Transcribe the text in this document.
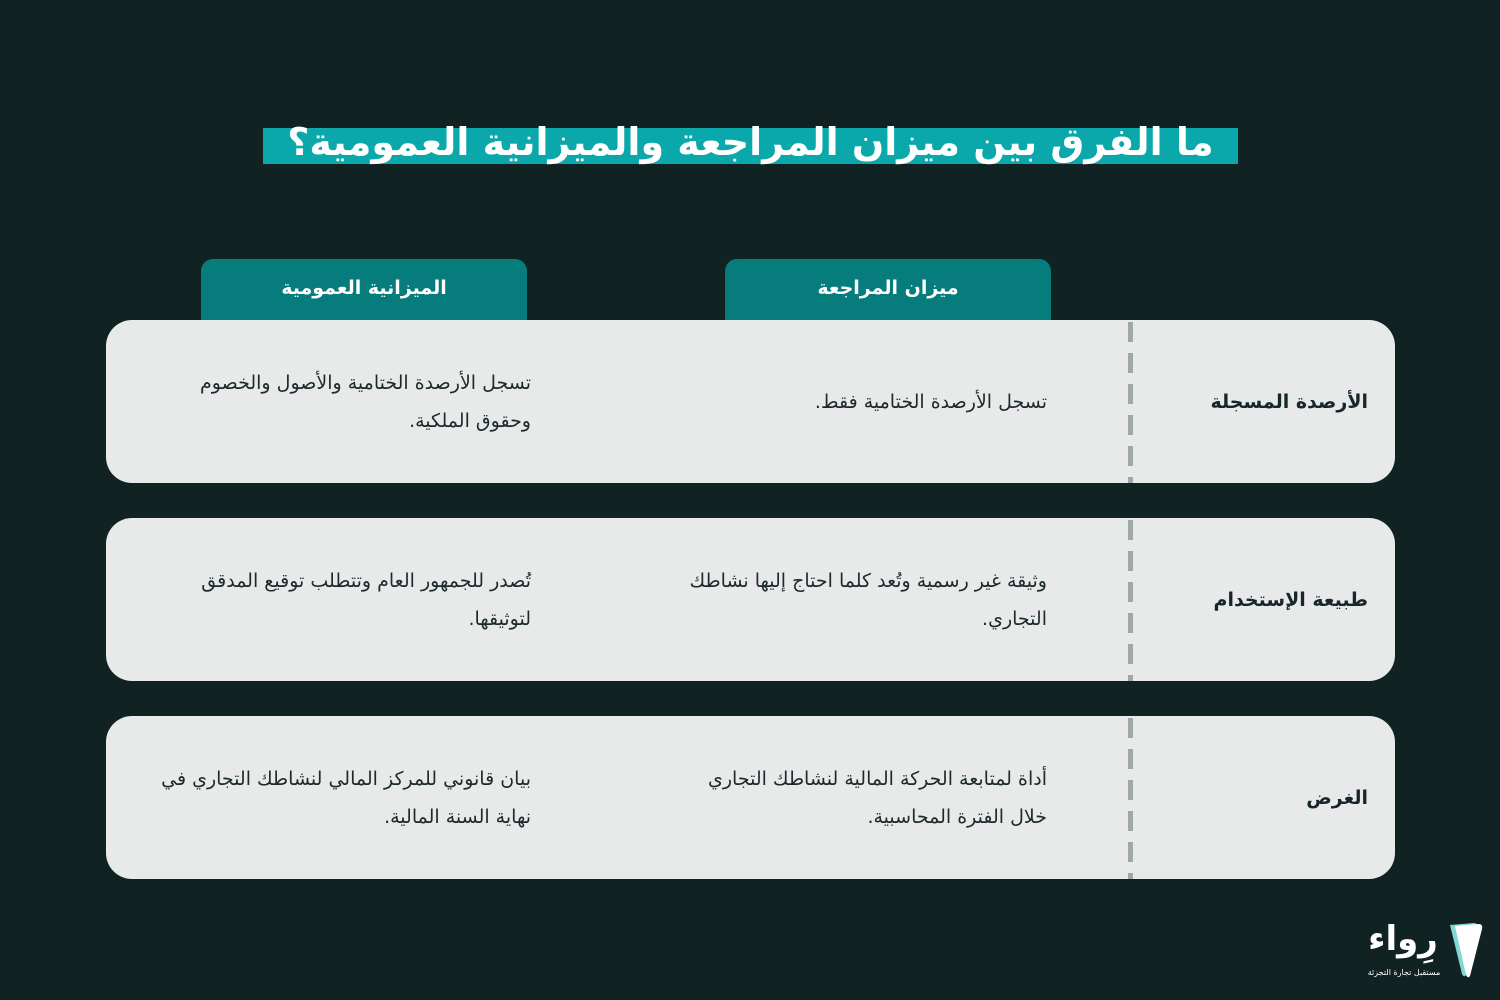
ما الفرق بين ميزان المراجعة والميزانية العمومية؟
ميزان المراجعة
الميزانية العمومية
الأرصدة المسجلة
تسجل الأرصدة الختامية فقط.
تسجل الأرصدة الختامية والأصول والخصوم وحقوق الملكية.
طبيعة الإستخدام
وثيقة غير رسمية وتُعد كلما احتاج إليها نشاطك التجاري.
تُصدر للجمهور العام وتتطلب توقيع المدقق لتوثيقها.
الغرض
أداة لمتابعة الحركة المالية لنشاطك التجاري خلال الفترة المحاسبية.
بيان قانوني للمركز المالي لنشاطك التجاري في نهاية السنة المالية.
رِواء
مستقبل تجارة التجزئة
